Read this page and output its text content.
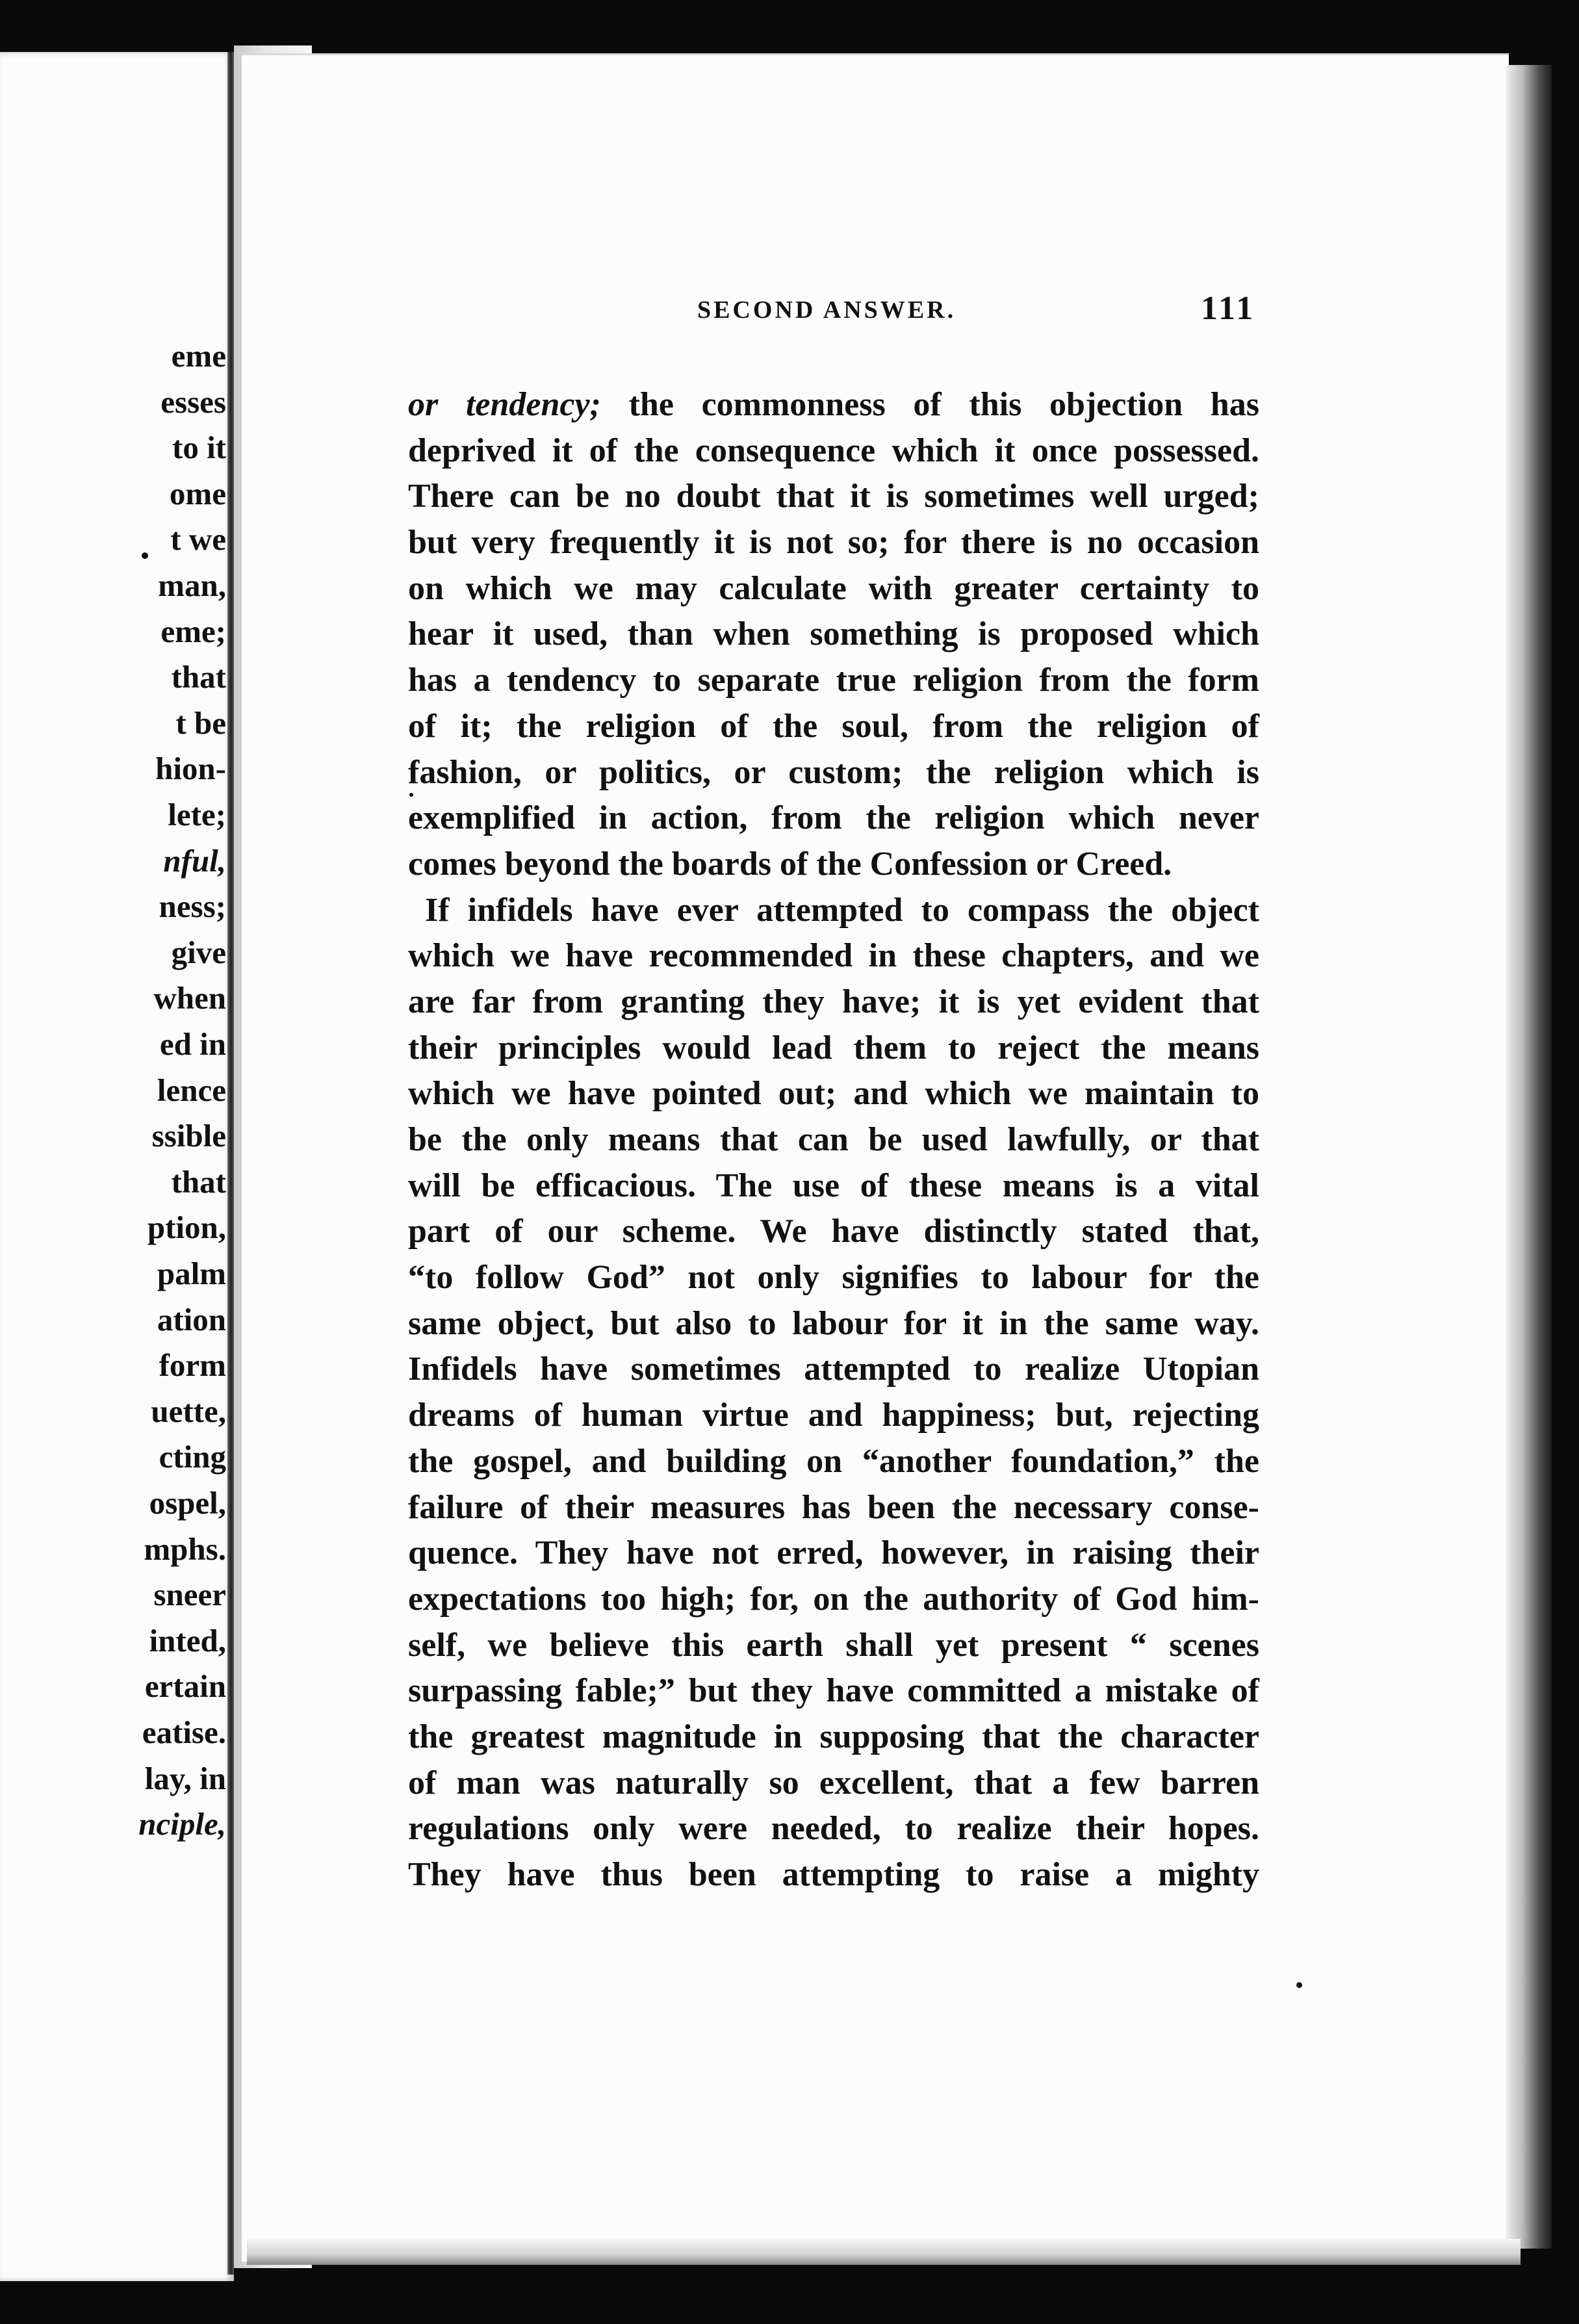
eme
esses
to it
ome
t we
man,
eme;
that
t be
hion-
lete;
nful,
ness;
give
when
ed in
lence
ssible
that
ption,
palm
ation
form
uette,
cting
ospel,
mphs.
sneer
inted,
ertain
eatise.
lay, in
nciple,
SECOND ANSWER.	111
or tendency; the commonness of this objection has
deprived it of the consequence which it once possessed.
There can be no doubt that it is sometimes well urged;
but very frequently it is not so; for there is no occasion
on which we may calculate with greater certainty to
hear it used, than when something is proposed which
has a tendency to separate true religion from the form
of it; the religion of the soul, from the religion of
fashion, or politics, or custom; the religion which is
exemplified in action, from the religion which never
comes beyond the boards of the Confession or Creed.
If infidels have ever attempted to compass the object
which we have recommended in these chapters, and we
are far from granting they have; it is yet evident that
their principles would lead them to reject the means
which we have pointed out; and which we maintain to
be the only means that can be used lawfully, or that
will be efficacious. The use of these means is a vital
part of our scheme. We have distinctly stated that,
“to follow God” not only signifies to labour for the
same object, but also to labour for it in the same way.
Infidels have sometimes attempted to realize Utopian
dreams of human virtue and happiness; but, rejecting
the gospel, and building on “another foundation,” the
failure of their measures has been the necessary conse-
quence. They have not erred, however, in raising their
expectations too high; for, on the authority of God him-
self, we believe this earth shall yet present “ scenes
surpassing fable;” but they have committed a mistake of
the greatest magnitude in supposing that the character
of man was naturally so excellent, that a few barren
regulations only were needed, to realize their hopes.
They have thus been attempting to raise a mighty
